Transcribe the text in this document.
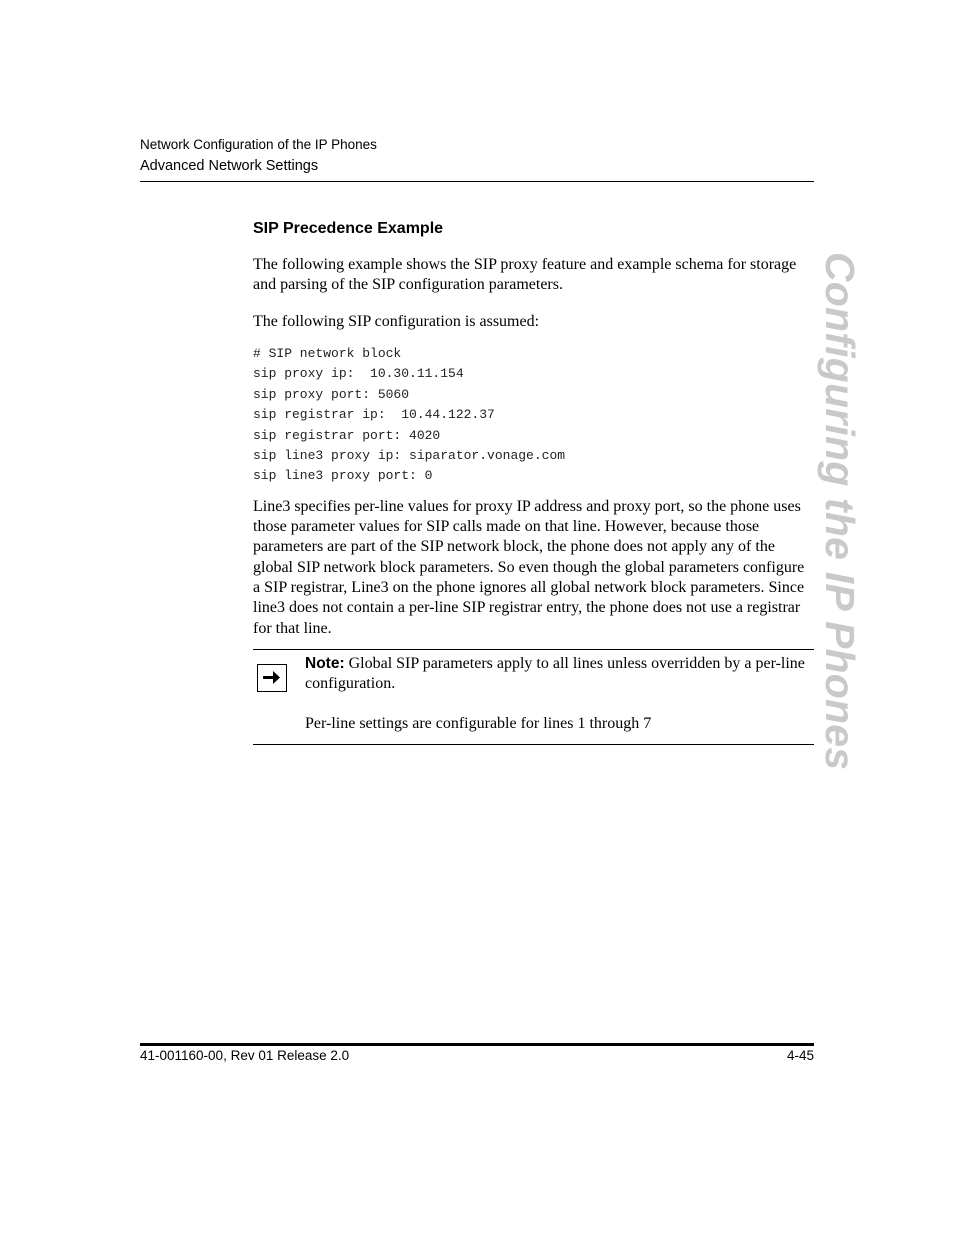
Network Configuration of the IP Phones
Advanced Network Settings
SIP Precedence Example

The following example shows the SIP proxy feature and example schema for storage and parsing of the SIP configuration parameters.

The following SIP configuration is assumed:

# SIP network block
sip proxy ip:  10.30.11.154
sip proxy port: 5060
sip registrar ip:  10.44.122.37
sip registrar port: 4020
sip line3 proxy ip: siparator.vonage.com
sip line3 proxy port: 0

Line3 specifies per-line values for proxy IP address and proxy port, so the phone uses those parameter values for SIP calls made on that line. However, because those parameters are part of the SIP network block, the phone does not apply any of the global SIP network block parameters. So even though the global parameters configure a SIP registrar, Line3 on the phone ignores all global network block parameters. Since line3 does not contain a per-line SIP registrar entry, the phone does not use a registrar for that line.

Note: Global SIP parameters apply to all lines unless overridden by a per-line configuration.

Per-line settings are configurable for lines 1 through 7	Configuring the IP Phones
41-001160-00, Rev 01 Release 2.0	4-45
